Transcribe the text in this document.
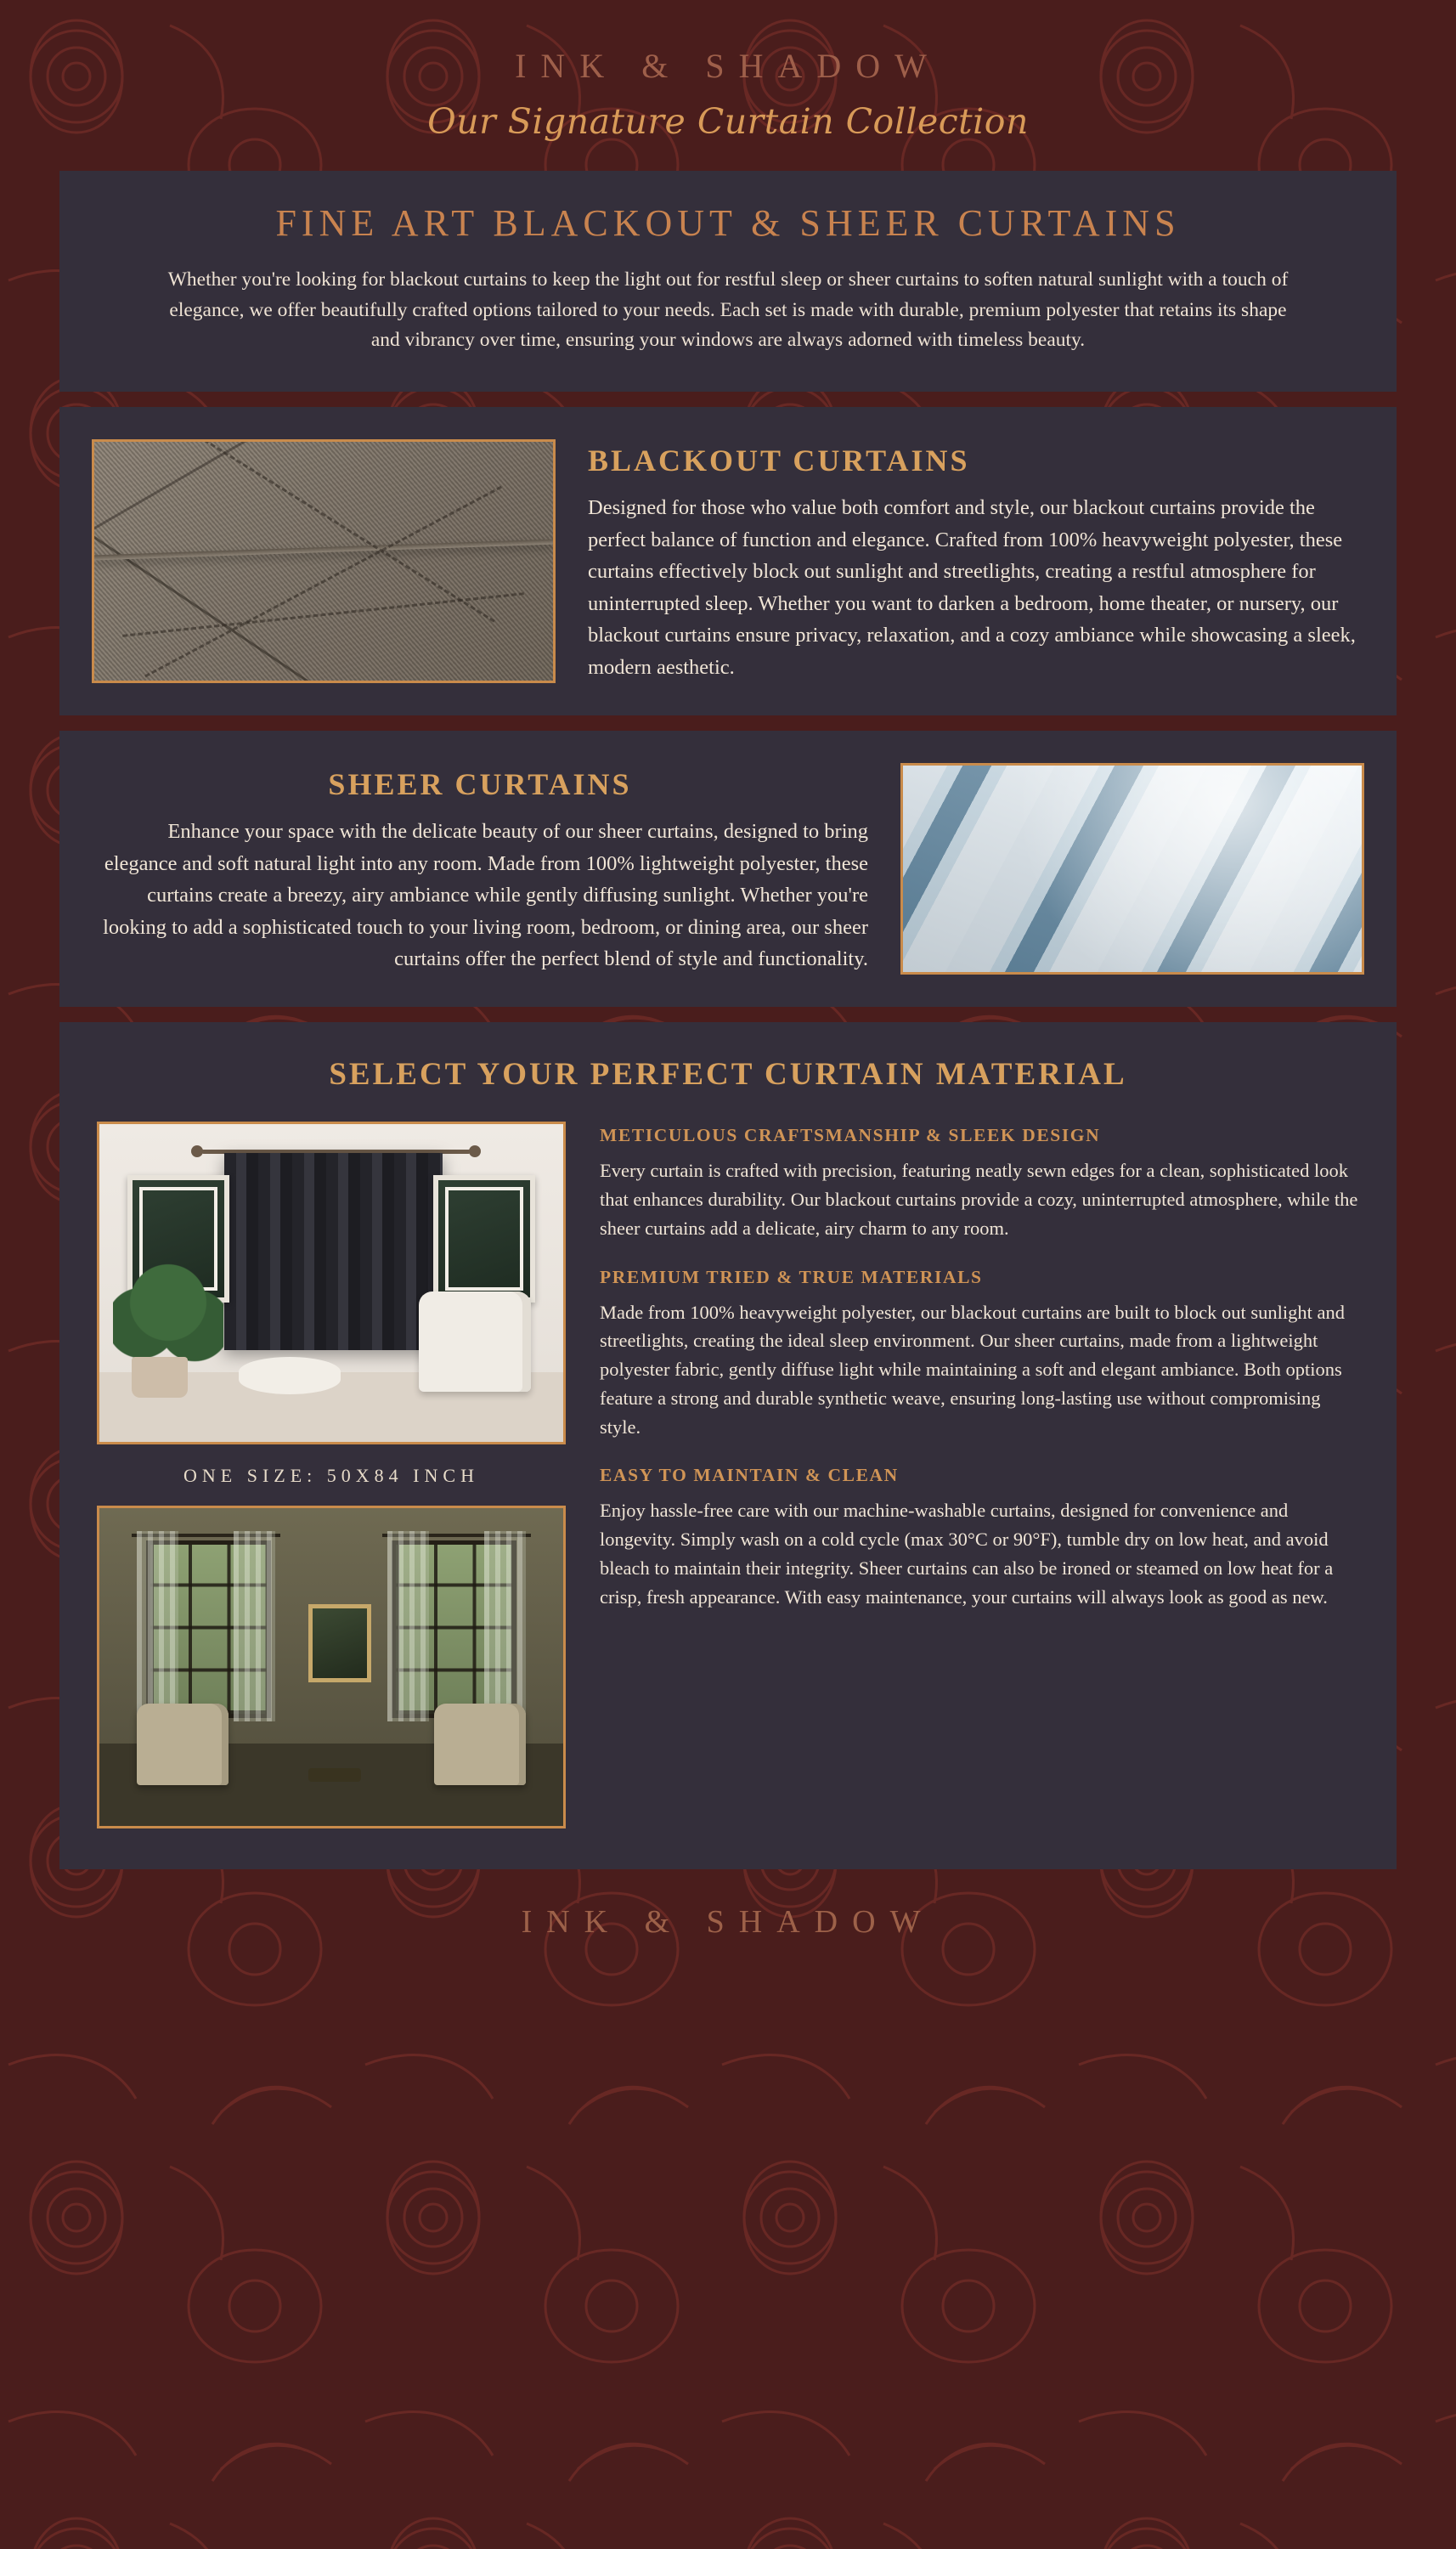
INK & SHADOW
Our Signature Curtain Collection
FINE ART BLACKOUT & SHEER CURTAINS
Whether you're looking for blackout curtains to keep the light out for restful sleep or sheer curtains to soften natural sunlight with a touch of elegance, we offer beautifully crafted options tailored to your needs. Each set is made with durable, premium polyester that retains its shape and vibrancy over time, ensuring your windows are always adorned with timeless beauty.
BLACKOUT CURTAINS
Designed for those who value both comfort and style, our blackout curtains provide the perfect balance of function and elegance. Crafted from 100% heavyweight polyester, these curtains effectively block out sunlight and streetlights, creating a restful atmosphere for uninterrupted sleep. Whether you want to darken a bedroom, home theater, or nursery, our blackout curtains ensure privacy, relaxation, and a cozy ambiance while showcasing a sleek, modern aesthetic.
SHEER CURTAINS
Enhance your space with the delicate beauty of our sheer curtains, designed to bring elegance and soft natural light into any room. Made from 100% lightweight polyester, these curtains create a breezy, airy ambiance while gently diffusing sunlight. Whether you're looking to add a sophisticated touch to your living room, bedroom, or dining area, our sheer curtains offer the perfect blend of style and functionality.
SELECT YOUR PERFECT CURTAIN MATERIAL
ONE SIZE: 50X84 INCH
METICULOUS CRAFTSMANSHIP & SLEEK DESIGN

Every curtain is crafted with precision, featuring neatly sewn edges for a clean, sophisticated look that enhances durability. Our blackout curtains provide a cozy, uninterrupted atmosphere, while the sheer curtains add a delicate, airy charm to any room.

PREMIUM TRIED & TRUE MATERIALS

Made from 100% heavyweight polyester, our blackout curtains are built to block out sunlight and streetlights, creating the ideal sleep environment. Our sheer curtains, made from a lightweight polyester fabric, gently diffuse light while maintaining a soft and elegant ambiance. Both options feature a strong and durable synthetic weave, ensuring long-lasting use without compromising style.

EASY TO MAINTAIN & CLEAN

Enjoy hassle-free care with our machine-washable curtains, designed for convenience and longevity. Simply wash on a cold cycle (max 30°C or 90°F), tumble dry on low heat, and avoid bleach to maintain their integrity. Sheer curtains can also be ironed or steamed on low heat for a crisp, fresh appearance. With easy maintenance, your curtains will always look as good as new.

INK & SHADOW
